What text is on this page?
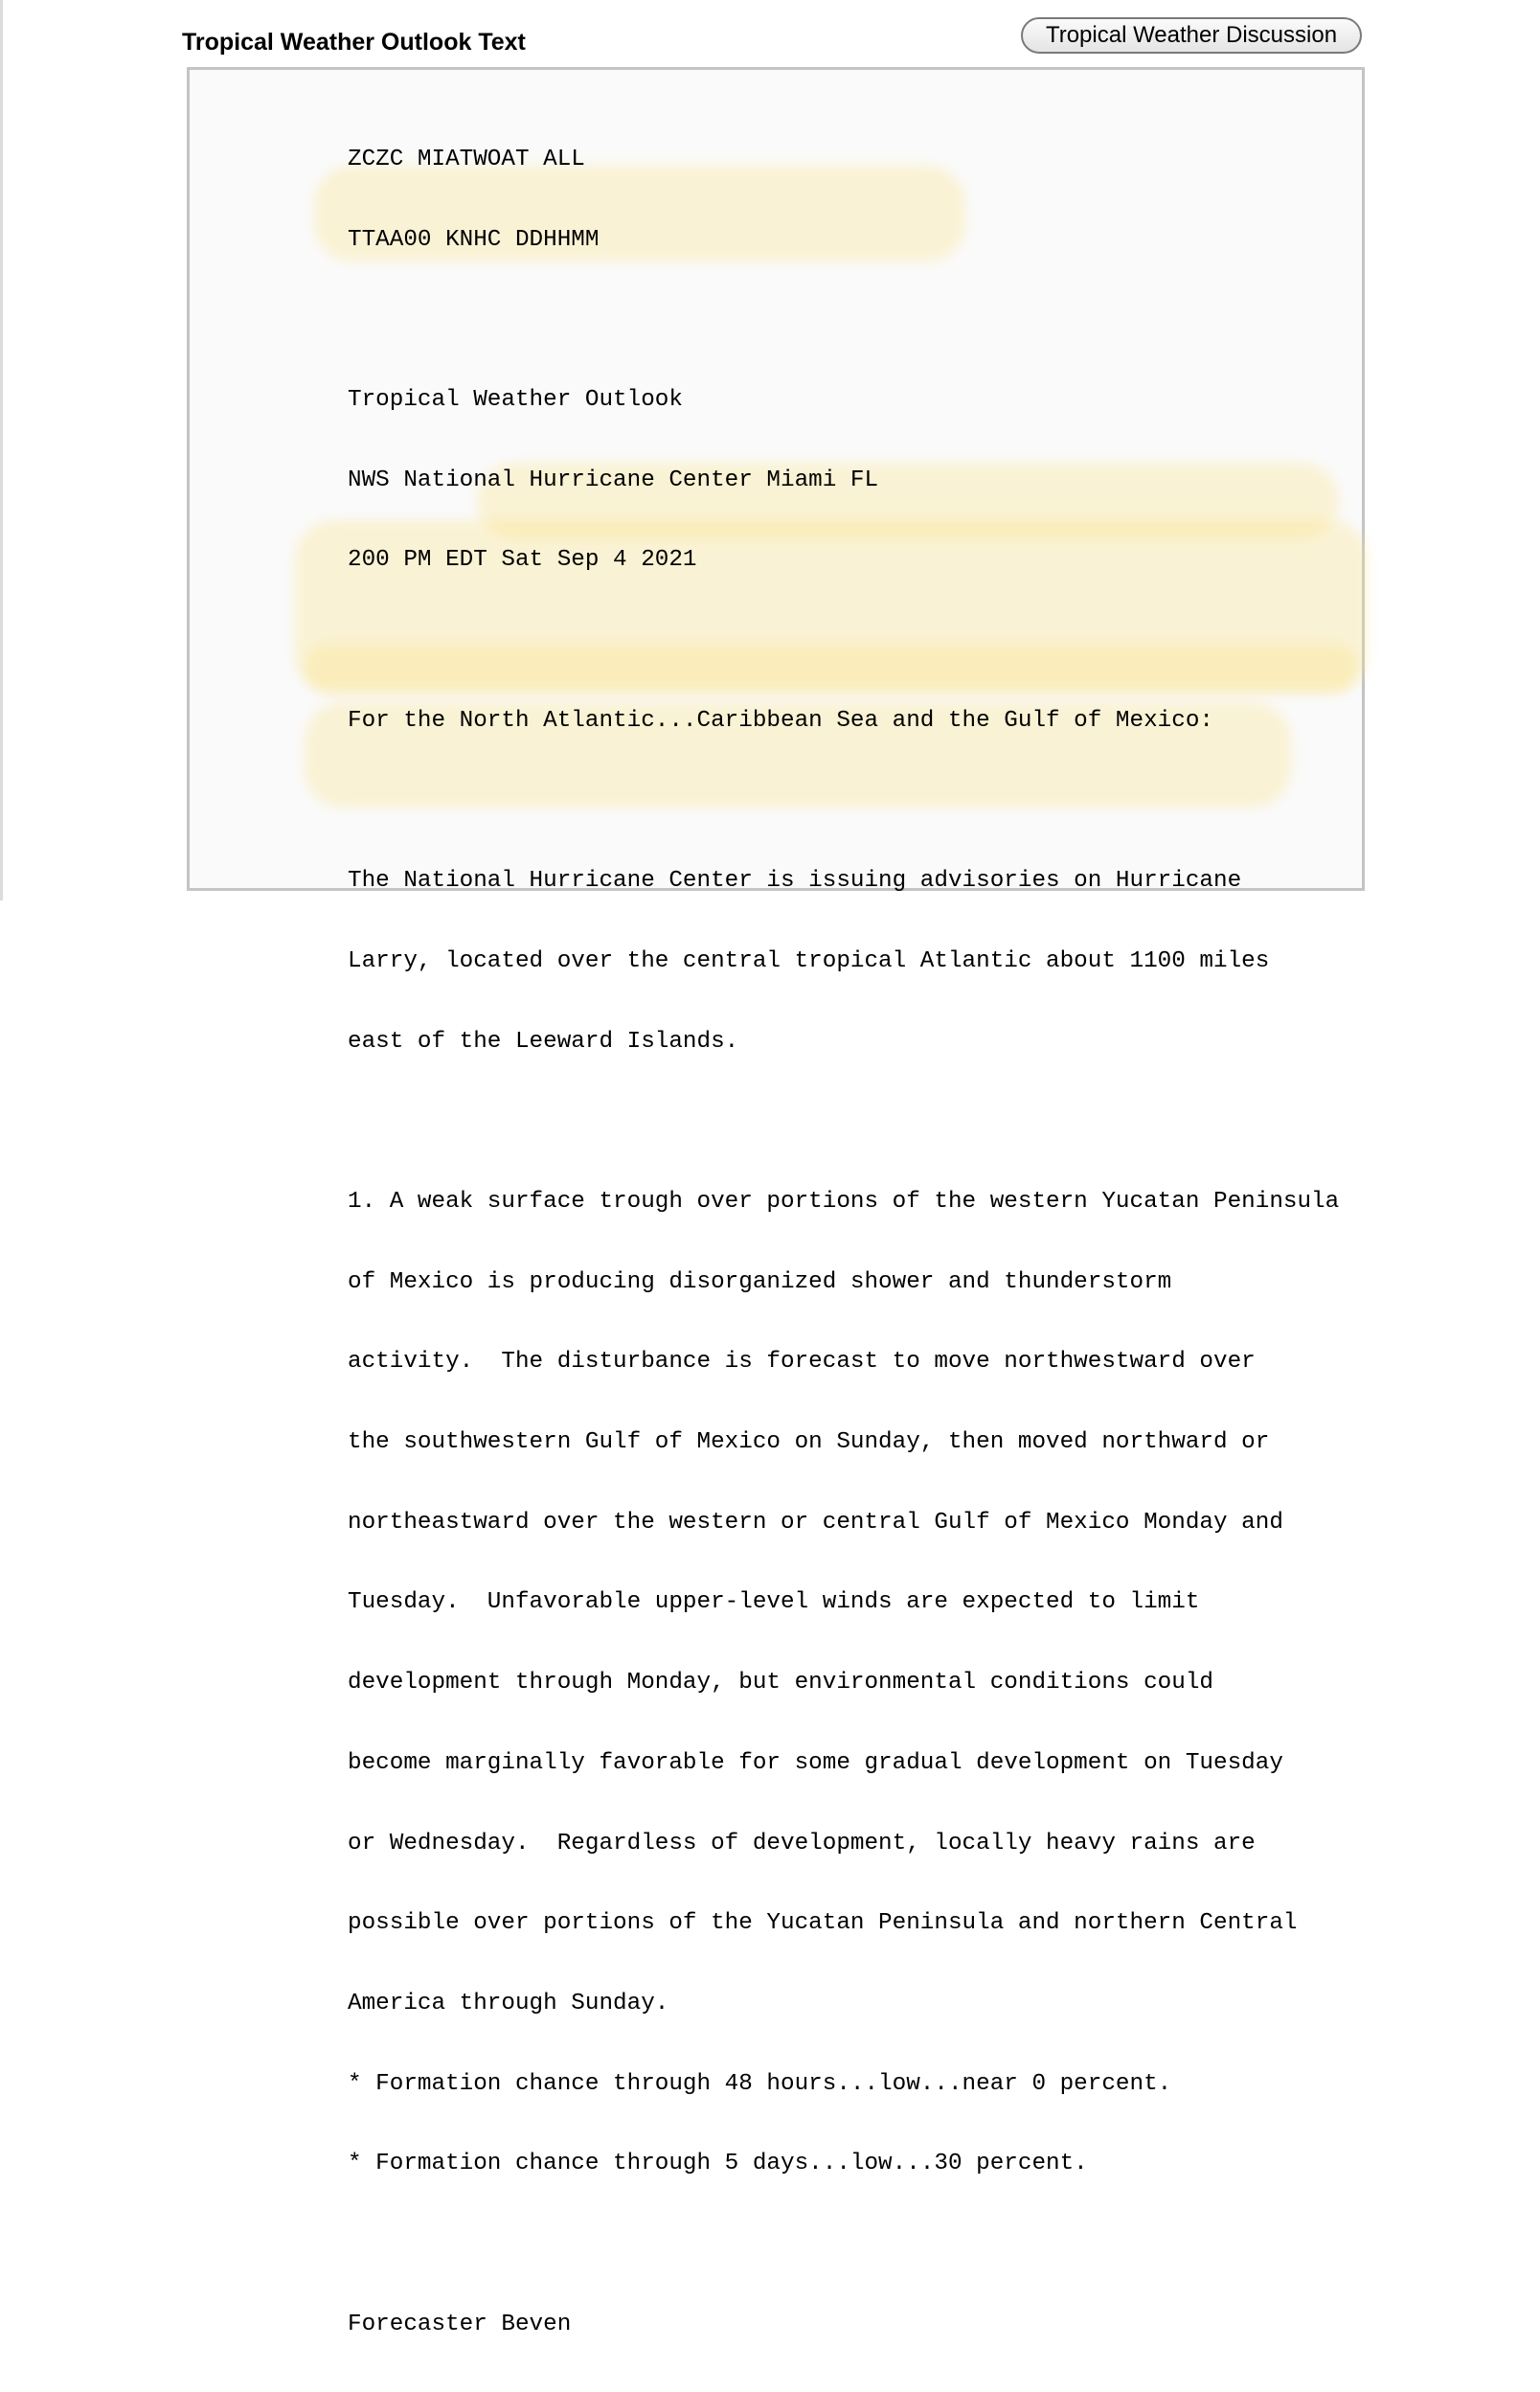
Tropical Weather Outlook Text	Tropical Weather Discussion

ZCZC MIATWOAT ALL

TTAA00 KNHC DDHHMM

Tropical Weather Outlook

NWS National Hurricane Center Miami FL

200 PM EDT Sat Sep 4 2021

For the North Atlantic...Caribbean Sea and the Gulf of Mexico:

The National Hurricane Center is issuing advisories on Hurricane

Larry, located over the central tropical Atlantic about 1100 miles

east of the Leeward Islands.

1. A weak surface trough over portions of the western Yucatan Peninsula

of Mexico is producing disorganized shower and thunderstorm

activity.  The disturbance is forecast to move northwestward over

the southwestern Gulf of Mexico on Sunday, then moved northward or

northeastward over the western or central Gulf of Mexico Monday and

Tuesday.  Unfavorable upper-level winds are expected to limit

development through Monday, but environmental conditions could

become marginally favorable for some gradual development on Tuesday

or Wednesday.  Regardless of development, locally heavy rains are

possible over portions of the Yucatan Peninsula and northern Central

America through Sunday.

* Formation chance through 48 hours...low...near 0 percent.

* Formation chance through 5 days...low...30 percent.

Forecaster Beven
